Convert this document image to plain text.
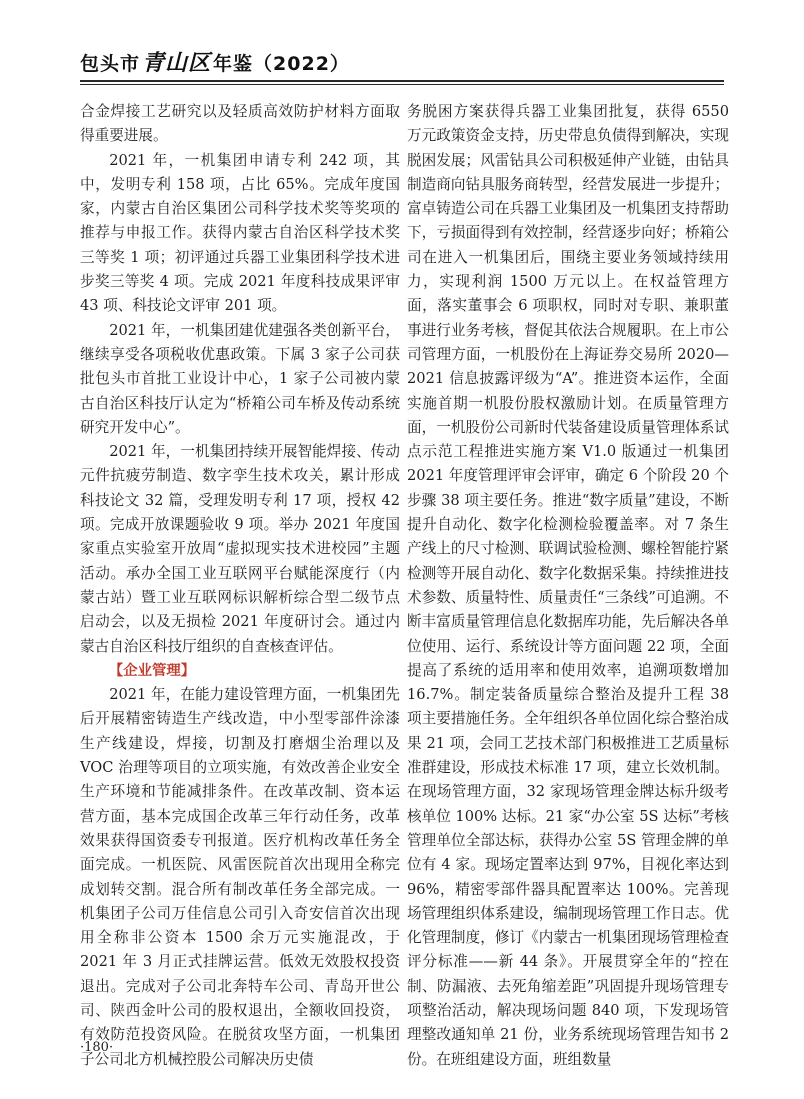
包头市青山区 年鉴（2022）

合金焊接工艺研究以及轻质高效防护材料方面取得重要进展。

2021 年，一机集团申请专利 242 项，其中，发明专利 158 项，占比 65%。完成年度国家，内蒙古自治区集团公司科学技术奖等奖项的推荐与申报工作。获得内蒙古自治区科学技术奖三等奖 1 项；初评通过兵器工业集团科学技术进步奖三等奖 4 项。完成 2021 年度科技成果评审 43 项、科技论文评审 201 项。

2021 年，一机集团建优建强各类创新平台，继续享受各项税收优惠政策。下属 3 家子公司获批包头市首批工业设计中心，1 家子公司被内蒙古自治区科技厅认定为“桥箱公司车桥及传动系统研究开发中心”。

2021 年，一机集团持续开展智能焊接、传动元件抗疲劳制造、数字孪生技术攻关，累计形成科技论文 32 篇，受理发明专利 17 项，授权 42 项。完成开放课题验收 9 项。举办 2021 年度国家重点实验室开放周“虚拟现实技术进校园”主题活动。承办全国工业互联网平台赋能深度行（内蒙古站）暨工业互联网标识解析综合型二级节点启动会，以及无损检 2021 年度研讨会。通过内蒙古自治区科技厅组织的自查核查评估。

【企业管理】

2021 年，在能力建设管理方面，一机集团先后开展精密铸造生产线改造，中小型零部件涂漆生产线建设，焊接，切割及打磨烟尘治理以及 VOC 治理等项目的立项实施，有效改善企业安全生产环境和节能减排条件。在改革改制、资本运营方面，基本完成国企改革三年行动任务，改革效果获得国资委专刊报道。医疗机构改革任务全面完成。一机医院、风雷医院首次出现用全称完成划转交割。混合所有制改革任务全部完成。一机集团子公司万佳信息公司引入奇安信首次出现用全称非公资本 1500 余万元实施混改，于 2021 年 3 月正式挂牌运营。低效无效股权投资退出。完成对子公司北奔特车公司、青岛开世公司、陕西金叶公司的股权退出，全额收回投资，有效防范投资风险。在脱贫攻坚方面，一机集团子公司北方机械控股公司解决历史债

务脱困方案获得兵器工业集团批复，获得 6550 万元政策资金支持，历史带息负债得到解决，实现脱困发展；风雷钻具公司积极延伸产业链，由钻具制造商向钻具服务商转型，经营发展进一步提升；富卓铸造公司在兵器工业集团及一机集团支持帮助下，亏损面得到有效控制，经营逐步向好；桥箱公司在进入一机集团后，围绕主要业务领域持续用力，实现利润 1500 万元以上。在权益管理方面，落实董事会 6 项职权，同时对专职、兼职董事进行业务考核，督促其依法合规履职。在上市公司管理方面，一机股份在上海证券交易所 2020—2021 信息披露评级为“A”。推进资本运作，全面实施首期一机股份股权激励计划。在质量管理方面，一机股份公司新时代装备建设质量管理体系试点示范工程推进实施方案 V1.0 版通过一机集团 2021 年度管理评审会评审，确定 6 个阶段 20 个步骤 38 项主要任务。推进“数字质量”建设，不断提升自动化、数字化检测检验覆盖率。对 7 条生产线上的尺寸检测、联调试验检测、螺栓智能拧紧检测等开展自动化、数字化数据采集。持续推进技术参数、质量特性、质量责任“三条线”可追溯。不断丰富质量管理信息化数据库功能，先后解决各单位使用、运行、系统设计等方面问题 22 项，全面提高了系统的适用率和使用效率，追溯项数增加 16.7%。制定装备质量综合整治及提升工程 38 项主要措施任务。全年组织各单位固化综合整治成果 21 项，会同工艺技术部门积极推进工艺质量标准群建设，形成技术标准 17 项，建立长效机制。在现场管理方面，32 家现场管理金牌达标升级考核单位 100% 达标。21 家“办公室 5S 达标”考核管理单位全部达标，获得办公室 5S 管理金牌的单位有 4 家。现场定置率达到 97%，目视化率达到 96%，精密零部件器具配置率达 100%。完善现场管理组织体系建设，编制现场管理工作日志。优化管理制度，修订《内蒙古一机集团现场管理检查评分标准——新 44 条》。开展贯穿全年的“控在制、防漏液、去死角缩差距”巩固提升现场管理专项整治活动，解决现场问题 840 项，下发现场管理整改通知单 21 份，业务系统现场管理告知书 2 份。在班组建设方面，班组数量

·180·
